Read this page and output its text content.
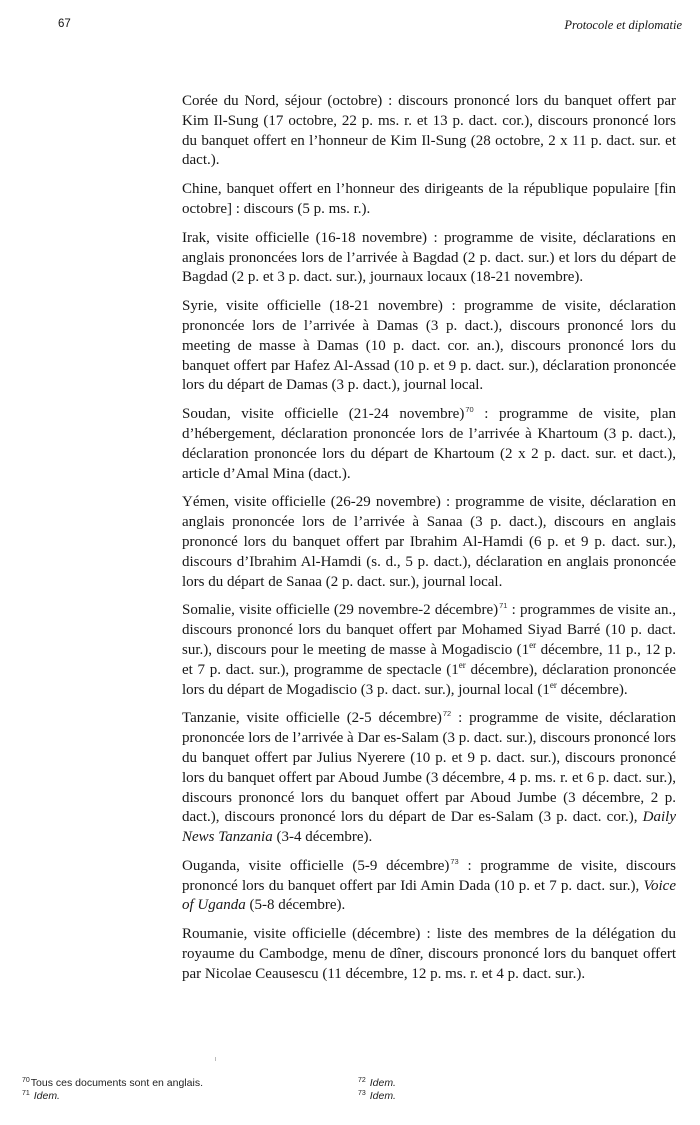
67	Protocole et diplomatie

Corée du Nord, séjour (octobre) : discours prononcé lors du banquet offert par Kim Il-Sung (17 octobre, 22 p. ms. r. et 13 p. dact. cor.), discours prononcé lors du banquet offert en l’honneur de Kim Il-Sung (28 octobre, 2 x 11 p. dact. sur. et dact.).

Chine, banquet offert en l’honneur des dirigeants de la république populaire [fin octobre] : discours (5 p. ms. r.).

Irak, visite officielle (16-18 novembre) : programme de visite, déclarations en anglais prononcées lors de l’arrivée à Bagdad (2 p. dact. sur.) et lors du départ de Bagdad (2 p. et 3 p. dact. sur.), journaux locaux (18-21 novembre).

Syrie, visite officielle (18-21 novembre) : programme de visite, déclaration prononcée lors de l’arrivée à Damas (3 p. dact.), discours prononcé lors du meeting de masse à Damas (10 p. dact. cor. an.), discours prononcé lors du banquet offert par Hafez Al-Assad (10 p. et 9 p. dact. sur.), déclaration prononcée lors du départ de Damas (3 p. dact.), journal local.

Soudan, visite officielle (21-24 novembre)$^{70}$ : programme de visite, plan d’hébergement, déclaration prononcée lors de l’arrivée à Khartoum (3 p. dact.), déclaration prononcée lors du départ de Khartoum (2 x 2 p. dact. sur. et dact.), article d’Amal Mina (dact.).

Yémen, visite officielle (26-29 novembre) : programme de visite, déclaration en anglais prononcée lors de l’arrivée à Sanaa (3 p. dact.), discours en anglais prononcé lors du banquet offert par Ibrahim Al-Hamdi (6 p. et 9 p. dact. sur.), discours d’Ibrahim Al-Hamdi (s. d., 5 p. dact.), déclaration en anglais prononcée lors du départ de Sanaa (2 p. dact. sur.), journal local.

Somalie, visite officielle (29 novembre-2 décembre)$^{71}$ : programmes de visite an., discours prononcé lors du banquet offert par Mohamed Siyad Barré (10 p. dact. sur.), discours pour le meeting de masse à Mogadiscio (1er décembre, 11 p., 12 p. et 7 p. dact. sur.), programme de spectacle (1er décembre), déclaration prononcée lors du départ de Mogadiscio (3 p. dact. sur.), journal local (1er décembre).

Tanzanie, visite officielle (2-5 décembre)$^{72}$ : programme de visite, déclaration prononcée lors de l’arrivée à Dar es-Salam (3 p. dact. sur.), discours prononcé lors du banquet offert par Julius Nyerere (10 p. et 9 p. dact. sur.), discours prononcé lors du banquet offert par Aboud Jumbe (3 décembre, 4 p. ms. r. et 6 p. dact. sur.), discours prononcé lors du banquet offert par Aboud Jumbe (3 décembre, 2 p. dact.), discours prononcé lors du départ de Dar es-Salam (3 p. dact. cor.), Daily News Tanzania (3-4 décembre).

Ouganda, visite officielle (5-9 décembre)$^{73}$ : programme de visite, discours prononcé lors du banquet offert par Idi Amin Dada (10 p. et 7 p. dact. sur.), Voice of Uganda (5-8 décembre).

Roumanie, visite officielle (décembre) : liste des membres de la délégation du royaume du Cambodge, menu de dîner, discours prononcé lors du banquet offert par Nicolae Ceausescu (11 décembre, 12 p. ms. r. et 4 p. dact. sur.).

$^{70}$Tous ces documents sont en anglais.
$^{71}$ Idem.
$^{72}$ Idem.
$^{73}$ Idem.
